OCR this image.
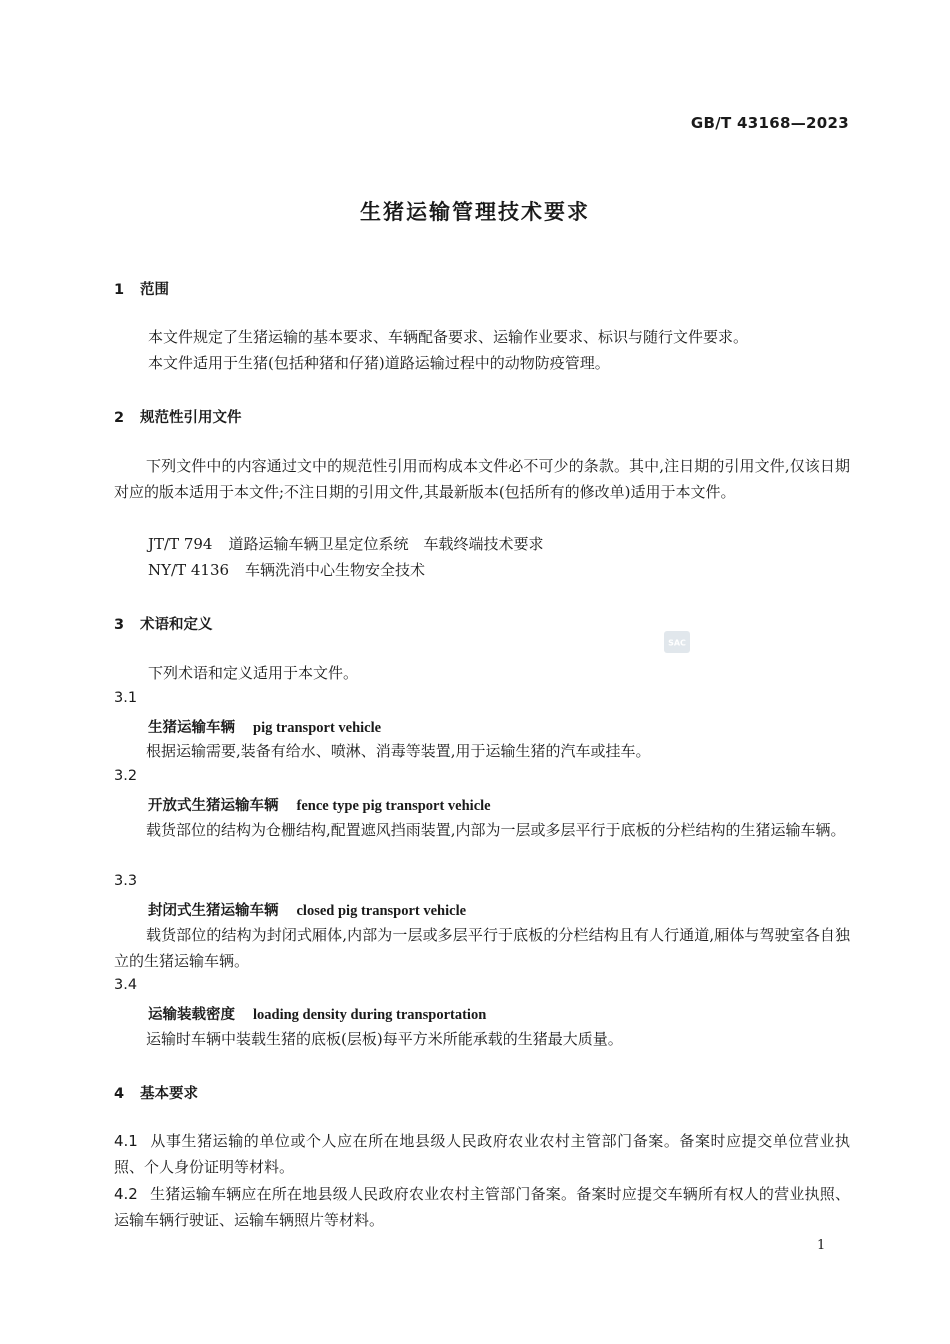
GB/T 43168—2023
生猪运输管理技术要求
1 范围
本文件规定了生猪运输的基本要求、车辆配备要求、运输作业要求、标识与随行文件要求。
本文件适用于生猪(包括种猪和仔猪)道路运输过程中的动物防疫管理。
2 规范性引用文件
下列文件中的内容通过文中的规范性引用而构成本文件必不可少的条款。其中,注日期的引用文件,仅该日期对应的版本适用于本文件;不注日期的引用文件,其最新版本(包括所有的修改单)适用于本文件。
JT/T 794 道路运输车辆卫星定位系统　车载终端技术要求
NY/T 4136 车辆洗消中心生物安全技术
3 术语和定义
SAC
下列术语和定义适用于本文件。
3.1
生猪运输车辆 pig transport vehicle
根据运输需要,装备有给水、喷淋、消毒等装置,用于运输生猪的汽车或挂车。
3.2
开放式生猪运输车辆 fence type pig transport vehicle
载货部位的结构为仓栅结构,配置遮风挡雨装置,内部为一层或多层平行于底板的分栏结构的生猪运输车辆。
3.3
封闭式生猪运输车辆 closed pig transport vehicle
载货部位的结构为封闭式厢体,内部为一层或多层平行于底板的分栏结构且有人行通道,厢体与驾驶室各自独立的生猪运输车辆。
3.4
运输装载密度 loading density during transportation
运输时车辆中装载生猪的底板(层板)每平方米所能承载的生猪最大质量。
4 基本要求
4.1 从事生猪运输的单位或个人应在所在地县级人民政府农业农村主管部门备案。备案时应提交单位营业执照、个人身份证明等材料。
4.2 生猪运输车辆应在所在地县级人民政府农业农村主管部门备案。备案时应提交车辆所有权人的营业执照、运输车辆行驶证、运输车辆照片等材料。
1
